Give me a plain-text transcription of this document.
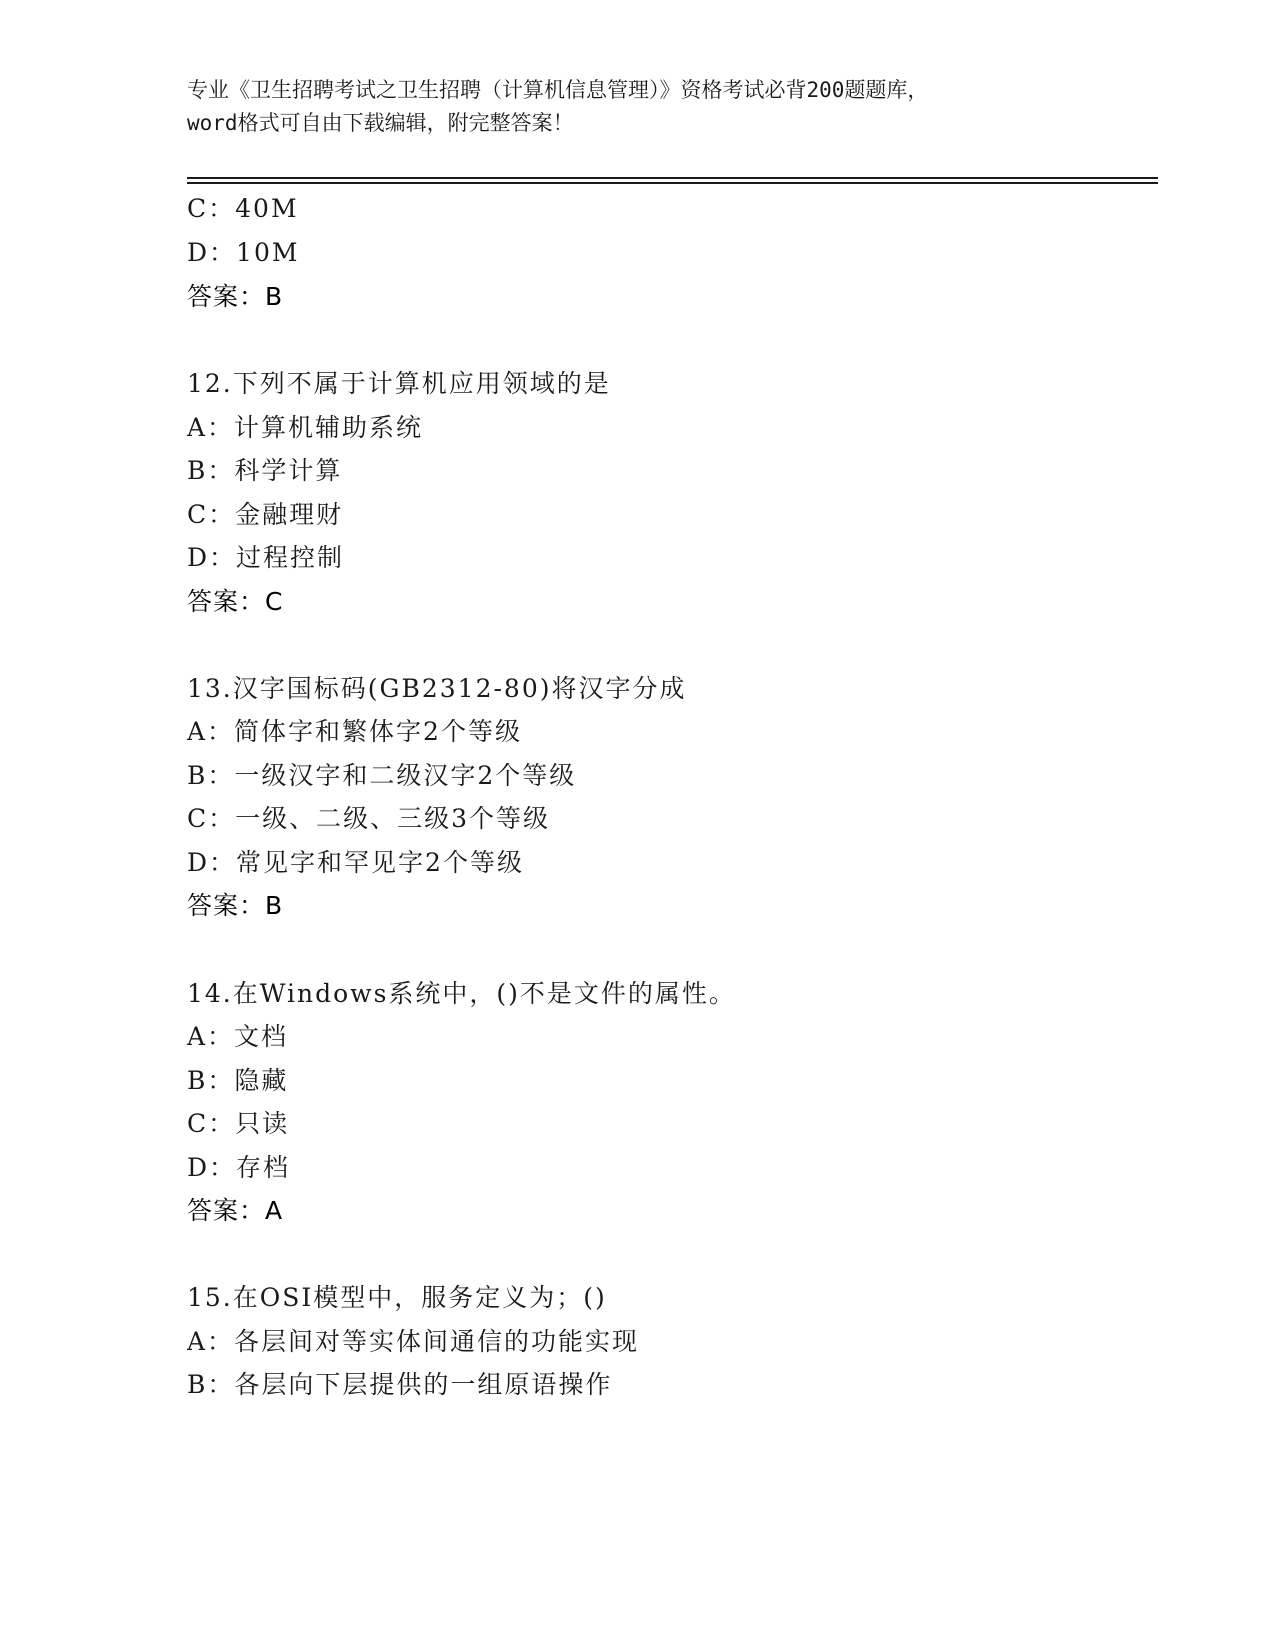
专业《卫生招聘考试之卫生招聘（计算机信息管理）》资格考试必背200题题库，
word格式可自由下载编辑，附完整答案！
C：40M
D：10M
答案：B
12.下列不属于计算机应用领域的是
A：计算机辅助系统
B：科学计算
C：金融理财
D：过程控制
答案：C
13.汉字国标码(GB2312-80)将汉字分成
A：简体字和繁体字2个等级
B：一级汉字和二级汉字2个等级
C：一级、二级、三级3个等级
D：常见字和罕见字2个等级
答案：B
14.在Windows系统中，()不是文件的属性。
A：文档
B：隐藏
C：只读
D：存档
答案：A
15.在OSI模型中，服务定义为；()
A：各层间对等实体间通信的功能实现
B：各层向下层提供的一组原语操作
